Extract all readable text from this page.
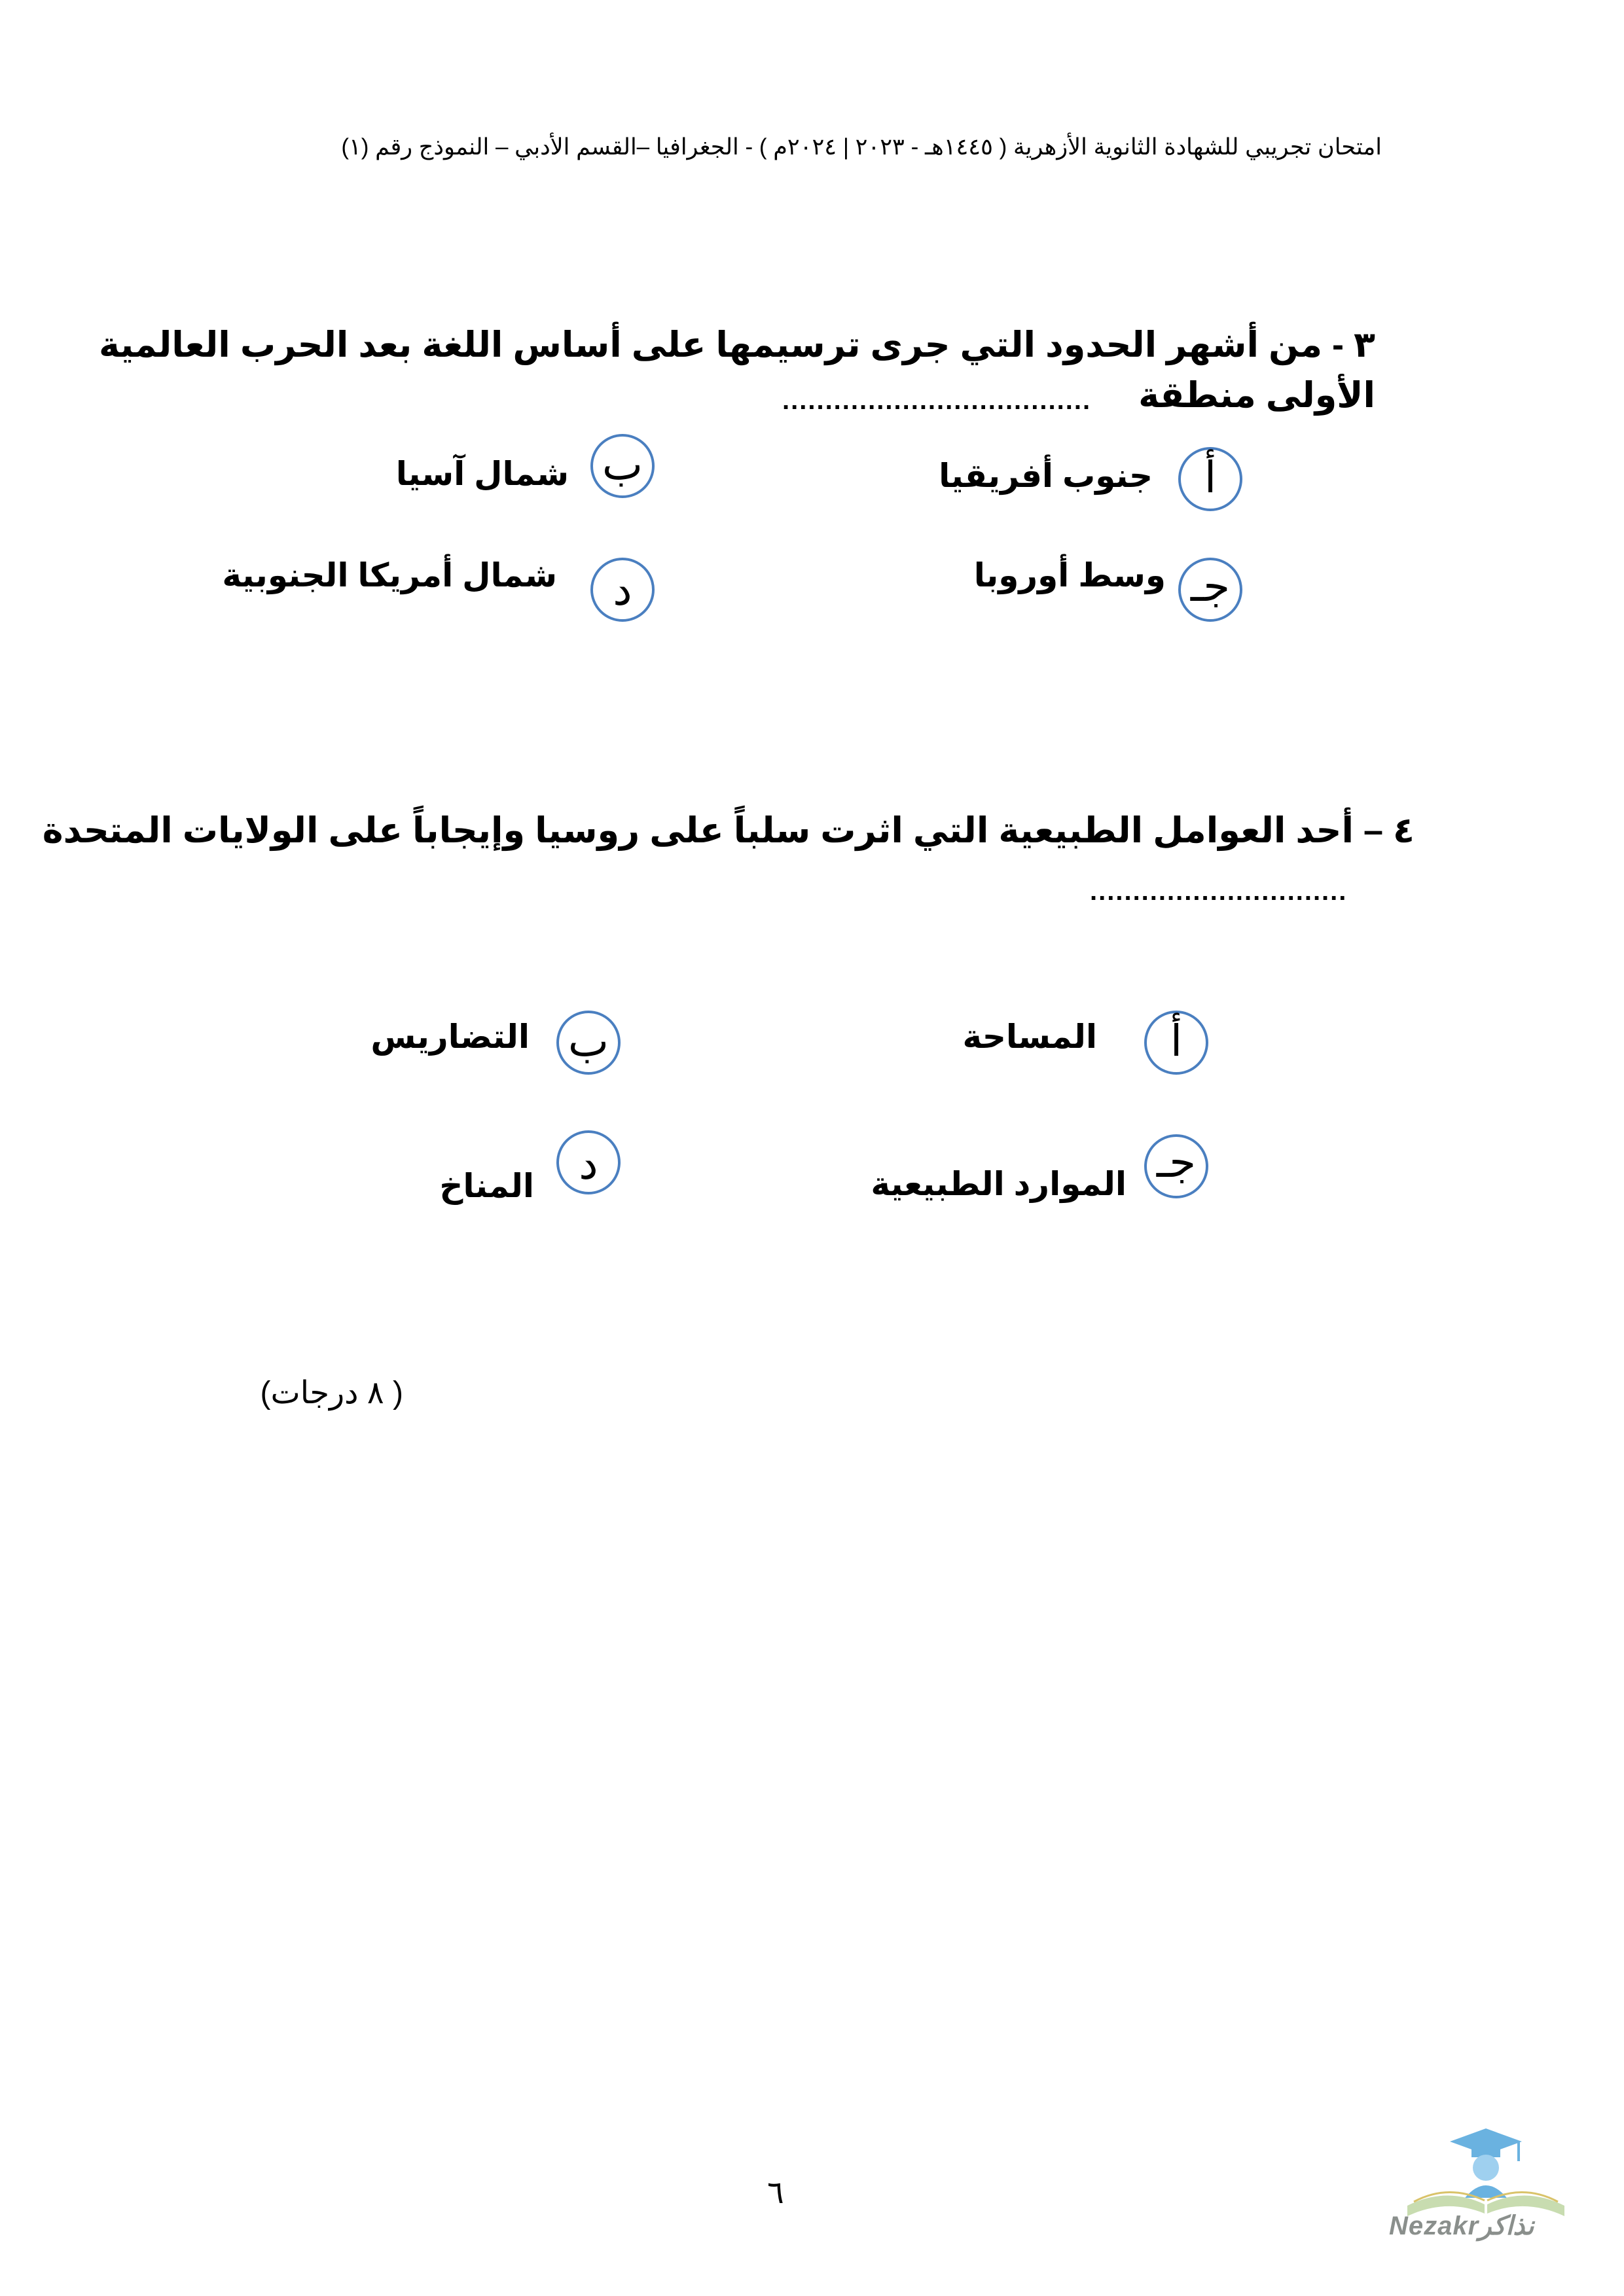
امتحان تجريبي للشهادة الثانوية الأزهرية ( ١٤٤٥هـ - ٢٠٢٣ | ٢٠٢٤م ) - الجغرافيا –القسم الأدبي – النموذج رقم (١)
٣ - من أشهر الحدود التي جرى ترسيمها على أساس اللغة بعد الحرب العالمية
الأولى منطقة
....................................
أ
جنوب أفريقيا
ب
شمال آسيا
جـ
وسط أوروبا
د
شمال أمريكا الجنوبية
٤ – أحد العوامل الطبيعية التي اثرت سلباً على روسيا وإيجاباً على الولايات المتحدة
..............................
أ
المساحة
ب
التضاريس
جـ
الموارد الطبيعية
د
المناخ
( ٨ درجات)
٦
Nezakrنذاكر
